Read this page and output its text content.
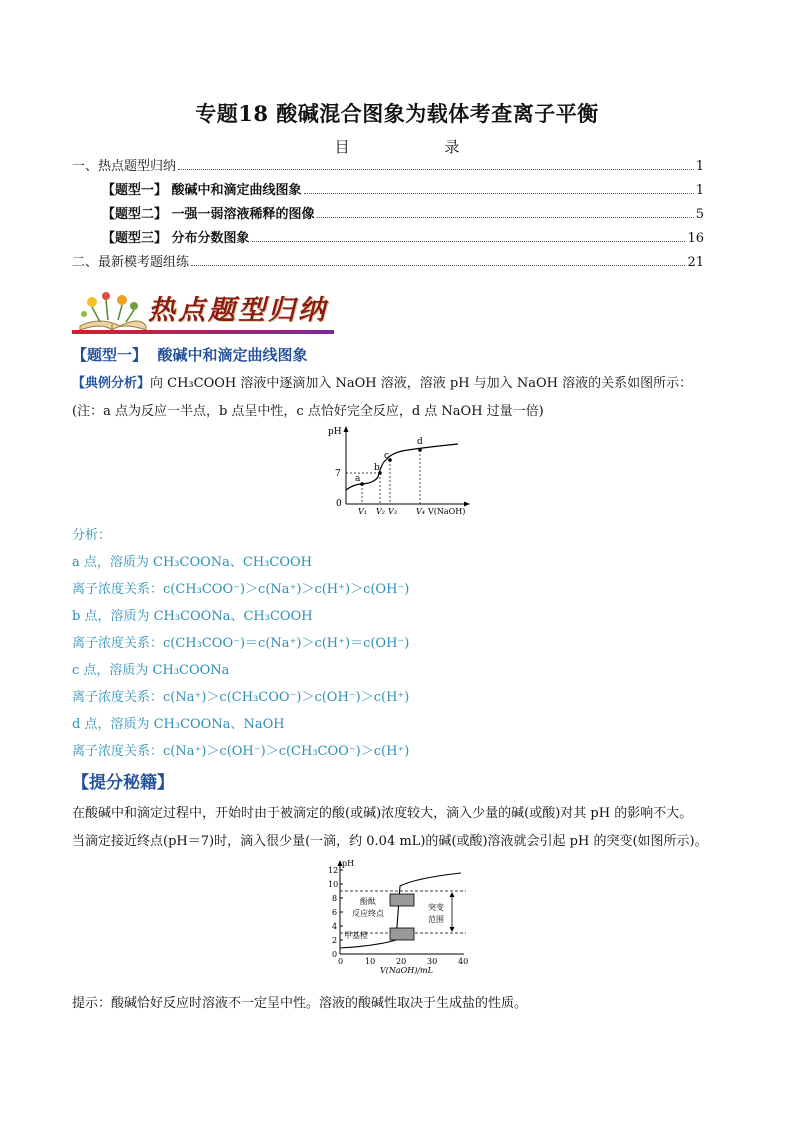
专题18 酸碱混合图象为载体考查离子平衡
目	录
一、热点题型归纳	1
【题型一】 酸碱中和滴定曲线图象	1
【题型二】 一强一弱溶液稀释的图像	5
【题型三】 分布分数图象	16
二、最新模考题组练	21
热点题型归纳
【题型一】 酸碱中和滴定曲线图象
【典例分析】向 CH₃COOH 溶液中逐滴加入 NaOH 溶液，溶液 pH 与加入 NaOH 溶液的关系如图所示：
(注：a 点为反应一半点，b 点呈中性，c 点恰好完全反应，d 点 NaOH 过量一倍)
pH
7
0
a
b
c
d
V₁ V₂ V₃ V₄ V(NaOH)
分析：
a 点，溶质为 CH₃COONa、CH₃COOH
离子浓度关系：c(CH₃COO⁻)＞c(Na⁺)＞c(H⁺)＞c(OH⁻)
b 点，溶质为 CH₃COONa、CH₃COOH
离子浓度关系：c(CH₃COO⁻)＝c(Na⁺)＞c(H⁺)＝c(OH⁻)
c 点，溶质为 CH₃COONa
离子浓度关系：c(Na⁺)＞c(CH₃COO⁻)＞c(OH⁻)＞c(H⁺)
d 点，溶质为 CH₃COONa、NaOH
离子浓度关系：c(Na⁺)＞c(OH⁻)＞c(CH₃COO⁻)＞c(H⁺)
【提分秘籍】
在酸碱中和滴定过程中，开始时由于被滴定的酸(或碱)浓度较大，滴入少量的碱(或酸)对其 pH 的影响不大。
当滴定接近终点(pH＝7)时，滴入很少量(一滴，约 0.04 mL)的碱(或酸)溶液就会引起 pH 的突变(如图所示)。
pH
0
2
4
6
8
10
12
0	10	20	30	40
V(NaOH)/mL
酚酞
反应终点
甲基橙
突变
范围
提示：酸碱恰好反应时溶液不一定呈中性。溶液的酸碱性取决于生成盐的性质。
